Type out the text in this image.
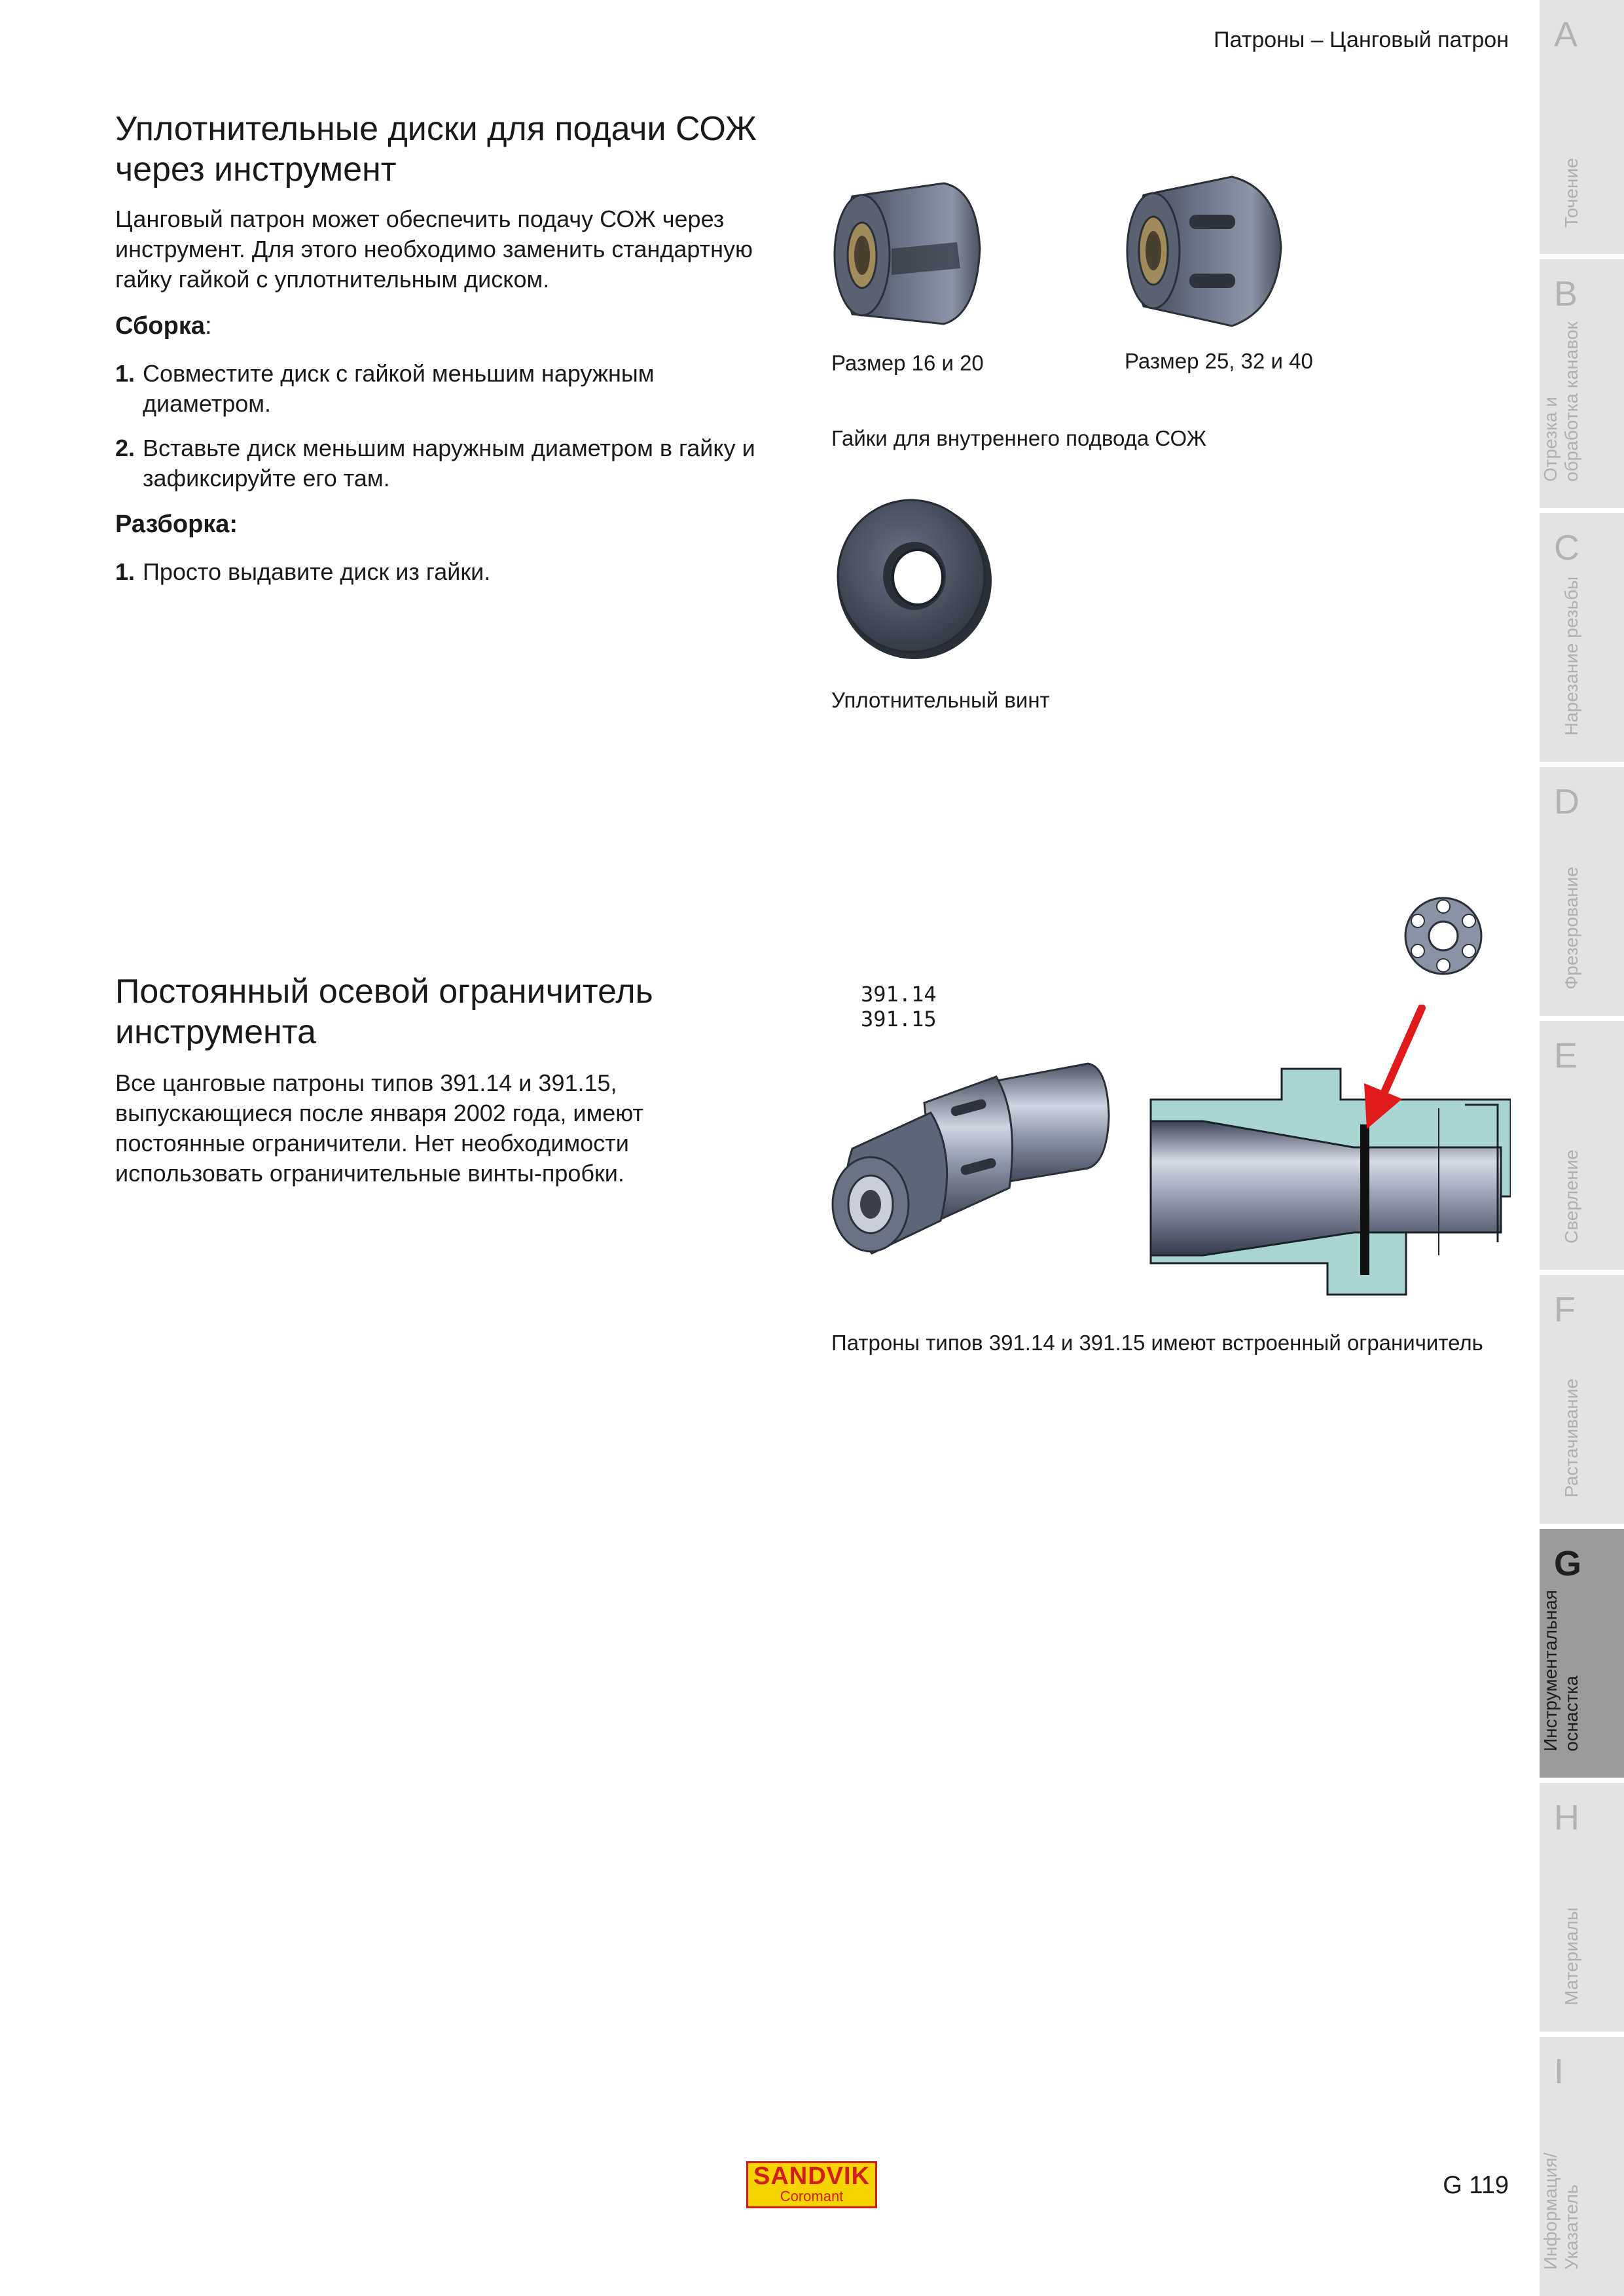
Патроны – Цанговый патрон
Уплотнительные диски для подачи СОЖ
через инструмент

Цанговый патрон может обеспечить подачу СОЖ через

инструмент. Для этого необходимо заменить стандартную

гайку гайкой с уплотнительным диском.

Сборка:
1. Совместите диск с гайкой меньшим наружным
диаметром.
2. Вставьте диск меньшим наружным диаметром в гайку и
зафиксируйте его там.
Разборка:
1. Просто выдавите диск из гайки.
Размер 16 и 20	Размер 25, 32 и 40
Гайки для внутреннего подвода СОЖ
Уплотнительный винт
Постоянный осевой ограничитель
инструмента

Все цанговые патроны типов 391.14 и 391.15,

выпускающиеся после января 2002 года, имеют

постоянные ограничители. Нет необходимости

использовать ограничительные винты-пробки.

391.14
391.15
Патроны типов 391.14 и 391.15 имеют встроенный ограничитель
A
Точение
B
Отрезка и
обработка канавок
C
Нарезание резьбы
D
Фрезерование
E
Сверление
F
Растачивание
G
Инструментальная
оснастка
H
Материалы
I
Информация/
Указатель
SANDVIK
Coromant	G 119
